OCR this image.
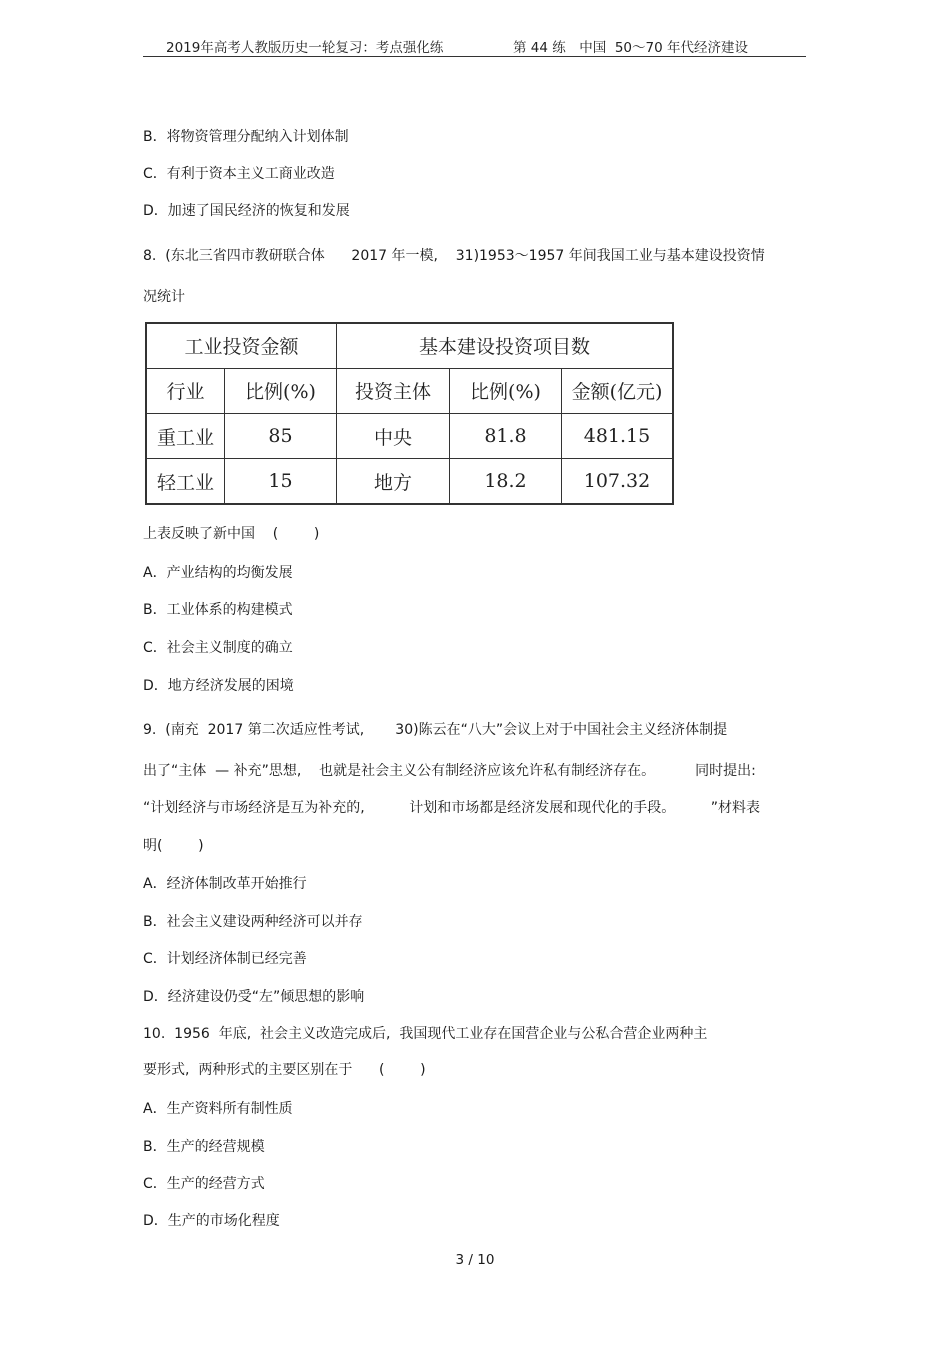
2019年高考人教版历史一轮复习：考点强化练

	第 44 练　中国  50～70 年代经济建设

B．将物资管理分配纳入计划体制
C．有利于资本主义工商业改造
D．加速了国民经济的恢复和发展
8.  (东北三省四市教研联合体      2017 年一模,    31)1953～1957 年间我国工业与基本建设投资情
况统计
工业投资金额		基本建设投资项目数		
行业	比例(%)	投资主体	比例(%)	金额(亿元)
重工业	85	中央	81.8	481.15
轻工业	15	地方	18.2	107.32
上表反映了新中国    (        )
A．产业结构的均衡发展
B．工业体系的构建模式
C．社会主义制度的确立
D．地方经济发展的困境
9.  (南充  2017 第二次适应性考试,       30)陈云在“八大”会议上对于中国社会主义经济体制提
出了“主体  — 补充”思想,    也就是社会主义公有制经济应该允许私有制经济存在。         同时提出:
“计划经济与市场经济是互为补充的,          计划和市场都是经济发展和现代化的手段。        ”材料表
明(        )
A．经济体制改革开始推行
B．社会主义建设两种经济可以并存
C．计划经济体制已经完善
D．经济建设仍受“左”倾思想的影响
10.  1956  年底,  社会主义改造完成后,  我国现代工业存在国营企业与公私合营企业两种主
要形式,  两种形式的主要区别在于      (        )
A．生产资料所有制性质
B．生产的经营规模
C．生产的经营方式
D．生产的市场化程度
3 / 10
